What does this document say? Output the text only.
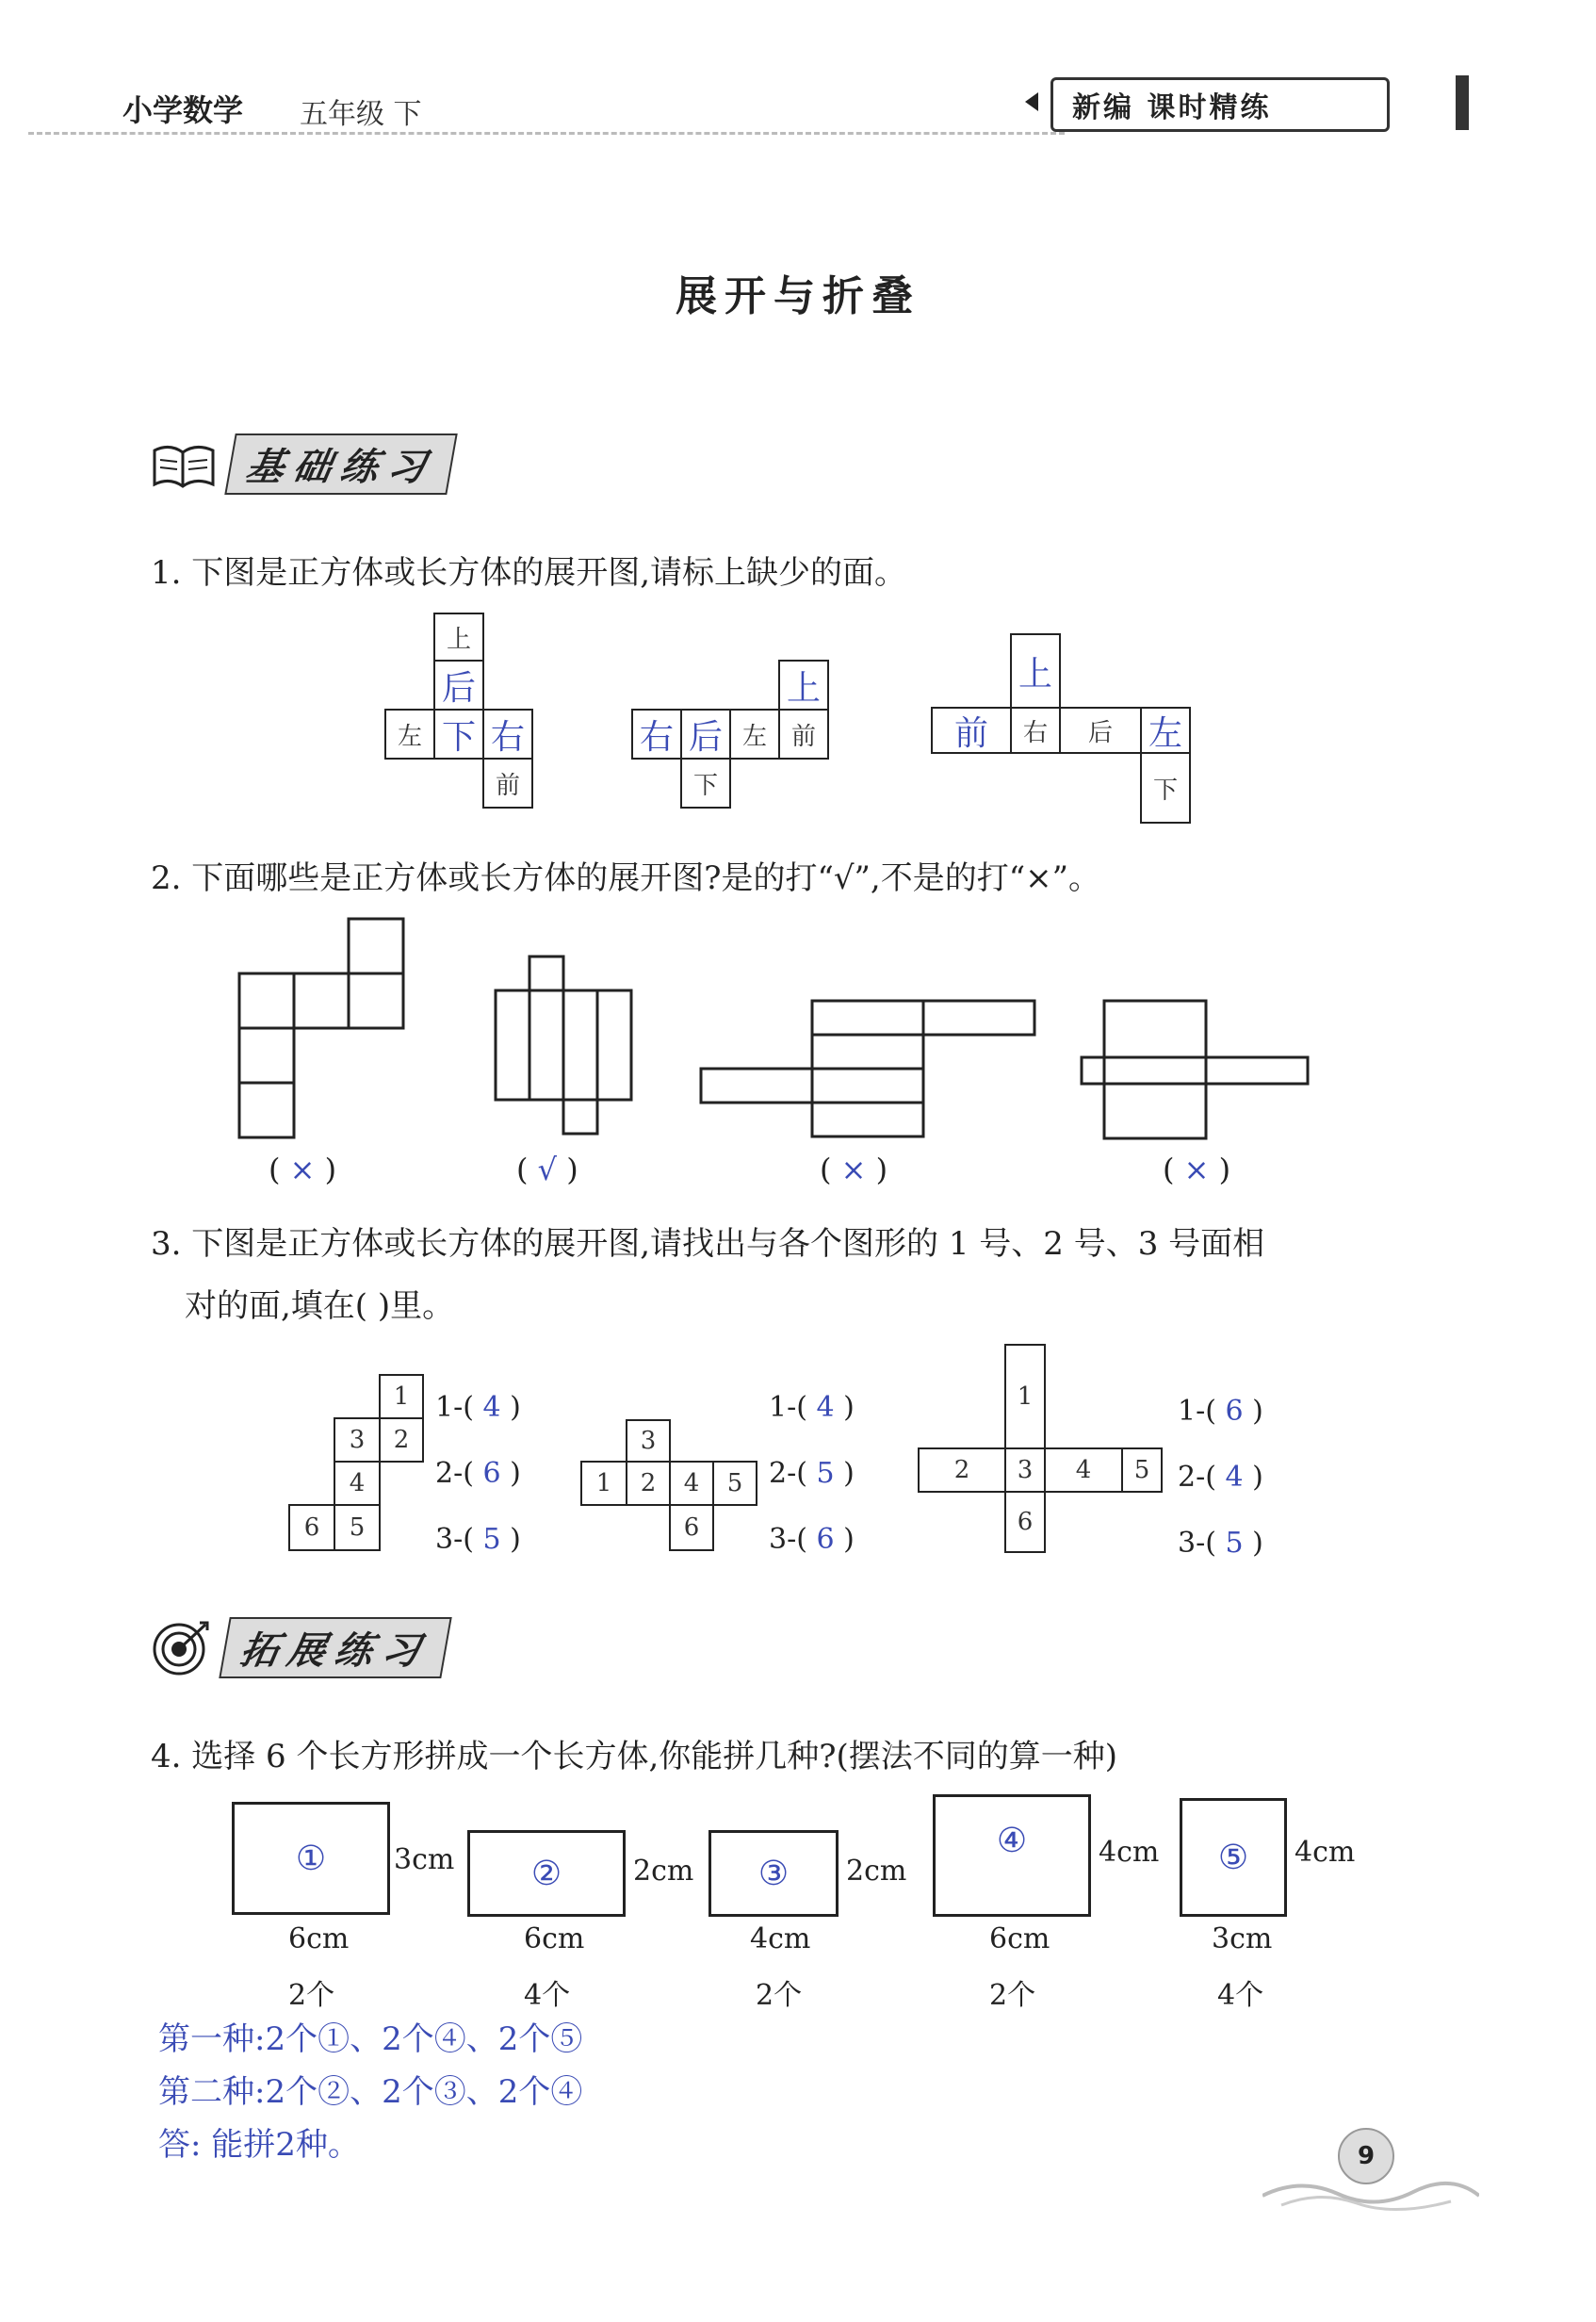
小学数学 五年级 下	新编 课时精练
展开与折叠
基础练习
1. 下图是正方体或长方体的展开图,请标上缺少的面。
上
后
左 下 右
前
上
右 后 左 前
下
上
前	右	后	左
下
2. 下面哪些是正方体或长方体的展开图?是的打“√”,不是的打“×”。
( × )	( √ )	( × )	( × )
3. 下图是正方体或长方体的展开图,请找出与各个图形的 1 号、2 号、3 号面相
对的面,填在( )里。
1
3	2
4
6	5
1-( 4 )
2-( 6 )
3-( 5 )
3
1	2	4	5
6
1-( 4 )
2-( 5 )
3-( 6 )
1
2	3	4	5
6
1-( 6 )
2-( 4 )
3-( 5 )
拓展练习
4. 选择 6 个长方形拼成一个长方体,你能拼几种?(摆法不同的算一种)
①	3cm
6cm
2个
②	2cm
6cm
4个
③	2cm
4cm
2个
④	4cm
6cm
2个
⑤	4cm
3cm
4个
第一种:2个①、2个④、2个⑤
第二种:2个②、2个③、2个④
答: 能拼2种。	9
